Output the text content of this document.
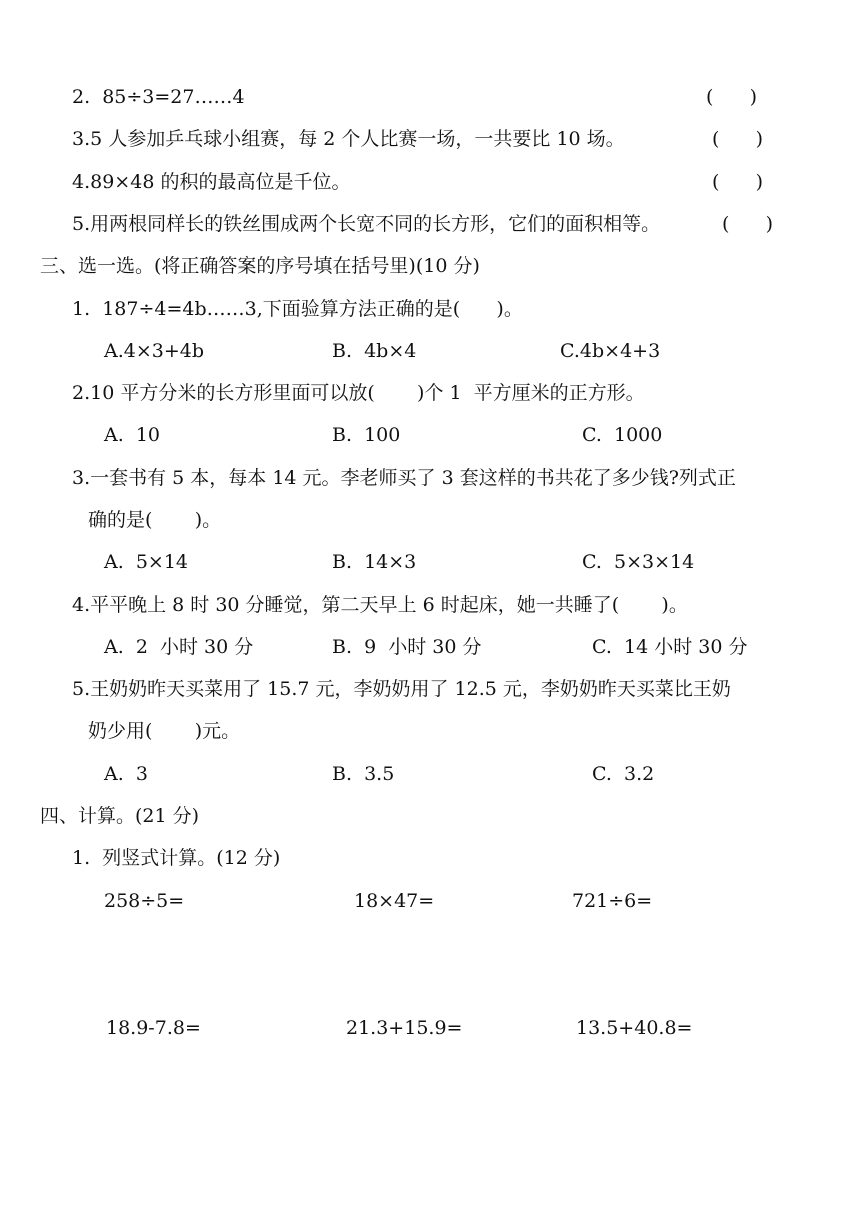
2.  85÷3=27……4	(      )
3.5 人参加乒乓球小组赛，每 2 个人比赛一场，一共要比 10 场。	(      )
4.89×48 的积的最高位是千位。	(      )
5.用两根同样长的铁丝围成两个长宽不同的长方形，它们的面积相等。	(      )
三、选一选。(将正确答案的序号填在括号里)(10 分)
1.  187÷4=4b……3,下面验算方法正确的是(      )。
A.4×3+4b	B.  4b×4	C.4b×4+3
2.10 平方分米的长方形里面可以放(       )个 1  平方厘米的正方形。
A.  10	B.  100	C.  1000
3.一套书有 5 本，每本 14 元。李老师买了 3 套这样的书共花了多少钱?列式正
确的是(       )。
A.  5×14	B.  14×3	C.  5×3×14
4.平平晚上 8 时 30 分睡觉，第二天早上 6 时起床，她一共睡了(       )。
A.  2  小时 30 分	B.  9  小时 30 分	C.  14 小时 30 分
5.王奶奶昨天买菜用了 15.7 元，李奶奶用了 12.5 元，李奶奶昨天买菜比王奶
奶少用(       )元。
A.  3	B.  3.5	C.  3.2
四、计算。(21 分)
1.  列竖式计算。(12 分)
258÷5=	18×47=	721÷6=
18.9-7.8=	21.3+15.9=	13.5+40.8=
